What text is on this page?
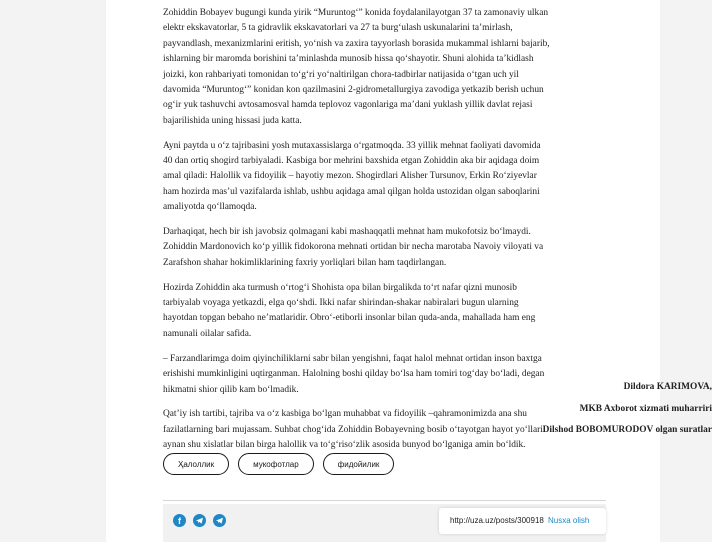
Zohiddin Bobayev bugungi kunda yirik “Muruntog‘” konida foydalanilayotgan 37 ta zamonaviy ulkan elektr ekskavatorlar, 5 ta gidravlik ekskavatorlari va 27 ta burg‘ulash uskunalarini ta’mirlash, payvandlash, mexanizmlarini eritish, yo‘nish va zaxira tayyorlash borasida mukammal ishlarni bajarib, ishlarning bir maromda borishini ta’minlashda munosib hissa qo‘shayotir. Shuni alohida ta’kidlash joizki, kon rahbariyati tomonidan to‘g‘ri yo‘naltirilgan chora-tadbirlar natijasida o‘tgan uch yil davomida “Muruntog‘” konidan kon qazilmasini 2-gidrometallurgiya zavodiga yetkazib berish uchun og‘ir yuk tashuvchi avtosamosval hamda teplovoz vagonlariga ma’dani yuklash yillik davlat rejasi bajarilishida uning hissasi juda katta.

Ayni paytda u o‘z tajribasini yosh mutaxassislarga o‘rgatmoqda. 33 yillik mehnat faoliyati davomida 40 dan ortiq shogird tarbiyaladi. Kasbiga bor mehrini baxshida etgan Zohiddin aka bir aqidaga doim amal qiladi: Halollik va fidoyilik – hayotiy mezon. Shogirdlari Alisher Tursunov, Erkin Ro‘ziyevlar ham hozirda mas’ul vazifalarda ishlab, ushbu aqidaga amal qilgan holda ustozidan olgan saboqlarini amaliyotda qo‘llamoqda.

Darhaqiqat, hech bir ish javobsiz qolmagani kabi mashaqqatli mehnat ham mukofotsiz bo‘lmaydi. Zohiddin Mardonovich ko‘p yillik fidokorona mehnati ortidan bir necha marotaba Navoiy viloyati va Zarafshon shahar hokimliklarining faxriy yorliqlari bilan ham taqdirlangan.

Hozirda Zohiddin aka turmush o‘rtog‘i Shohista opa bilan birgalikda to‘rt nafar qizni munosib tarbiyalab voyaga yetkazdi, elga qo‘shdi. Ikki nafar shirindan-shakar nabiralari bugun ularning hayotdan topgan bebaho ne’matlaridir. Obro‘-etiborli insonlar bilan quda-anda, mahallada ham eng namunali oilalar safida.

– Farzandlarimga doim qiyinchiliklarni sabr bilan yengishni, faqat halol mehnat ortidan inson baxtga erishishi mumkinligini uqtirganman. Halolning boshi qilday bo‘lsa ham tomiri tog‘day bo‘ladi, degan hikmatni shior qilib kam bo‘lmadik.

Qat’iy ish tartibi, tajriba va o‘z kasbiga bo‘lgan muhabbat va fidoyilik –qahramonimizda ana shu fazilatlarning bari mujassam. Suhbat chog‘ida Zohiddin Bobayevning bosib o‘tayotgan hayot yo‘llari aynan shu xislatlar bilan birga halollik va to‘g‘riso‘zlik asosida bunyod bo‘lganiga amin bo‘ldik.

Dildora KARIMOVA,
MKB Axborot xizmati muharriri
Dilshod BOBOMURODOV olgan suratlar
Ҳалоллик	мукофотлар	фидойилик
f	http://uza.uz/posts/300918 Nusxa olish
